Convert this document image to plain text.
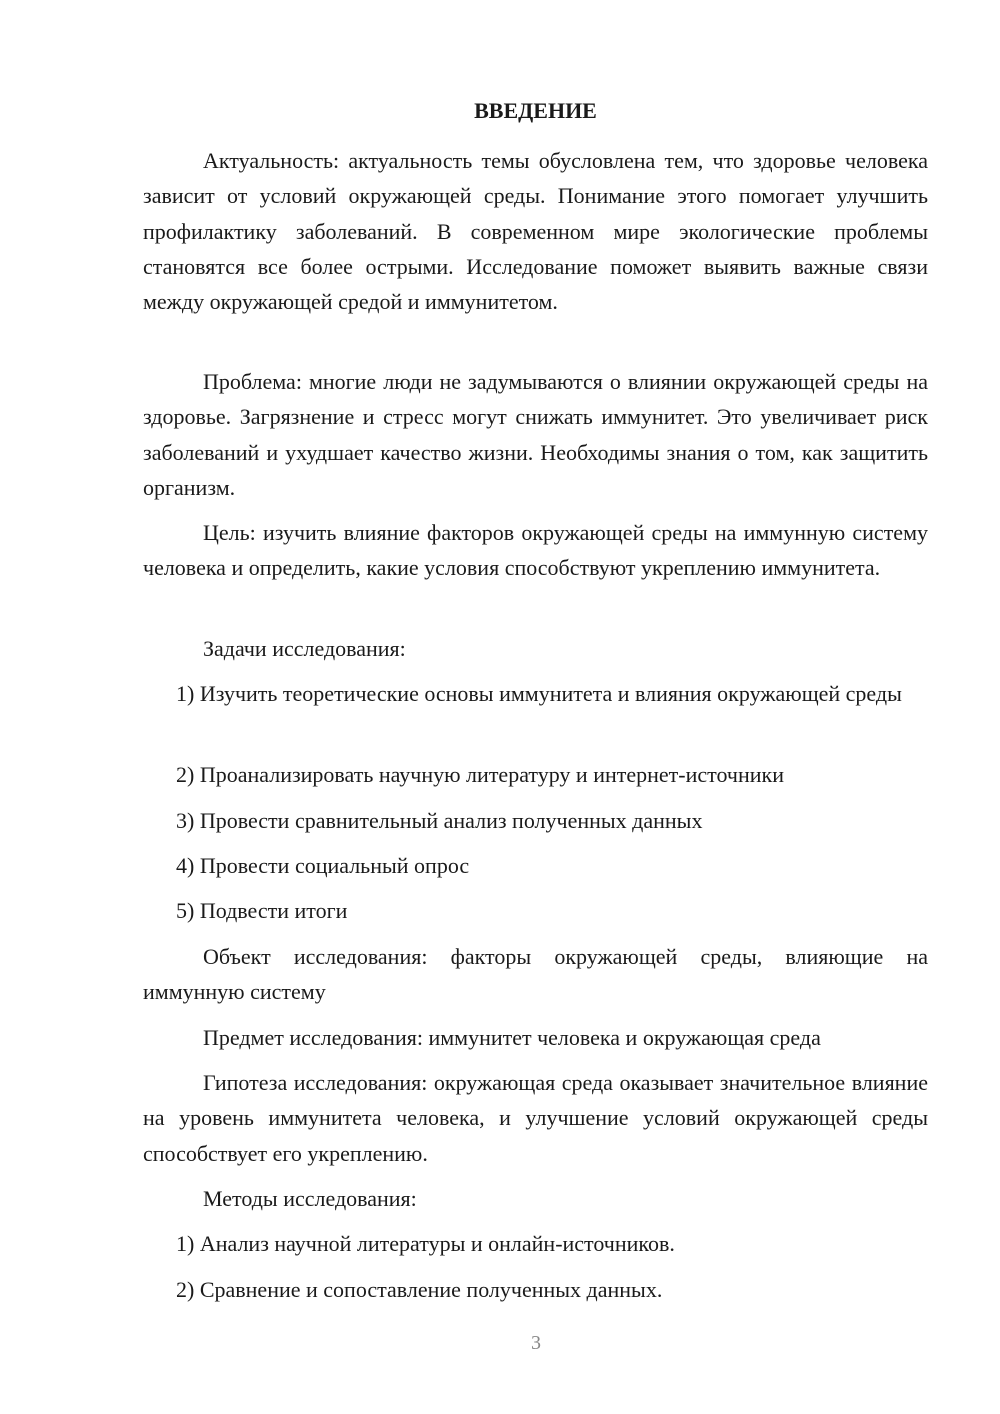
ВВЕДЕНИЕ

Актуальность: актуальность темы обусловлена тем, что здоровье человека зависит от условий окружающей среды. Понимание этого помогает улучшить профилактику заболеваний. В современном мире экологические проблемы становятся все более острыми. Исследование поможет выявить важные связи между окружающей средой и иммунитетом.

Проблема: многие люди не задумываются о влиянии окружающей среды на здоровье. Загрязнение и стресс могут снижать иммунитет. Это увеличивает риск заболеваний и ухудшает качество жизни. Необходимы знания о том, как защитить организм.

Цель: изучить влияние факторов окружающей среды на иммунную систему человека и определить, какие условия способствуют укреплению иммунитета.

Задачи исследования:

1) Изучить теоретические основы иммунитета и влияния окружающей среды

2) Проанализировать научную литературу и интернет-источники

3) Провести сравнительный анализ полученных данных

4) Провести социальный опрос

5) Подвести итоги

Объект исследования: факторы окружающей среды, влияющие на иммунную систему

Предмет исследования: иммунитет человека и окружающая среда

Гипотеза исследования: окружающая среда оказывает значительное влияние на уровень иммунитета человека, и улучшение условий окружающей среды способствует его укреплению.

Методы исследования:

1) Анализ научной литературы и онлайн-источников.

2) Сравнение и сопоставление полученных данных.

3
